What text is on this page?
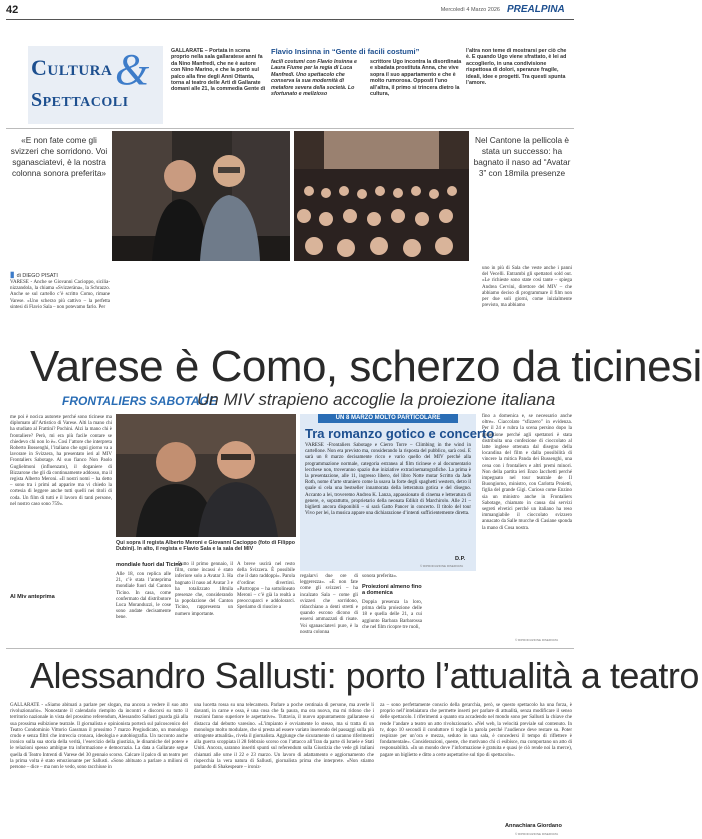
42	Mercoledì 4 Marzo 2026 PREALPINA
Cultura &
Spettacoli
GALLARATE – Portata in scena proprio nella sala gallaratese anni fa da Nino Manfredi, che ne è autore con Nino Marino, e che la portò sul palco alla fine degli Anni Ottanta, torna al teatro delle Arti di Gallarate domani alle 21, la commedia Gente di
Flavio Insinna in “Gente di facili costumi”
facili costumi con Flavio Insinna e Laura Fiume per la regia di Luca Manfredi. Uno spettacolo che conserva la sua modernità di metafore severa della società. Lo sfortunato e melizioso
scrittore Ugo incontra la disordinata e sbadata prostituta Anna, che vive sopra il suo appartamento e che è molto rumorosa. Opposti l’uno all’altra, il primo si trincera dietro la cultura,
l’altra non teme di mostrarsi per ciò che è. E quando Ugo viene sfrattato, è lei ad accoglierlo, in una condivisione rispettosa di dolori, speranze fragile, ideali, idee e progetti. Tra questi spunta l’amore.
«E non fate come gli svizzeri che sorridono. Voi sganasciatevi, è la nostra colonna sonora preferita»
Nel Cantone la pellicola è stata un successo: ha bagnato il naso ad “Avatar 3” con 18mila presenze
▮ di DIEGO PISATI
VARESE - Anche se Giovanni Cacioppo, sicilia-nizzandola, la chiama «Svizzeràna», la Schrazzo. Anche se sul cartello c’è scritto Como, rimane Varese. «Uno scherzo più cattivo – la perfetta sintesi di Flavio Sala – non potevamo farlo. Per
uno in più di Sala che veste anche i panni del Vecelli. Entrambi gli spettatori sold out. «Le richieste sono state così tante – spiega Andrea Cervini, direttore del MIV – che abbiamo deciso di programmare il film non per due soli giorni, come inizialmente previsto, ma abbiamo
Varese è Como, scherzo da ticinesi
FRONTALIERS SABOTAGE
Un MIV strapieno accoglie la proiezione italiana
me poi è nocica autorete perché sono ticinese ma diplomato all’Artistico di Varese. Alti la mano chi ha studiato al Frattini? Pochini. Alzi la mano chi è frontaliere? Però, mi era più facile contare se chiedevo chi non lo è». Così l’attore che interpreta Roberto Bossenghi, l’italiano che ogni giorno va a lavorare in Svizzera, ha presentato ieri al MIV Frontaliers Sabotage. Al suo fianco Non Paolo Guglielmoni (influenzato), il doganiere di Bizzarone che gli dà continuamente addosso, ma il regista Alberto Meroni. «Il nostri nomi – ha detto – sono tra i primi ad apparire ma vi chiedo la cortesia di leggere anche tutti quelli nei titoli di coda. Un film di tutti e il lavoro di tanti persone, nel nostro caso sono 759».
AI Miv anteprima
Qui sopra il regista Alberto Meroni e Giovanni Cacioppo (foto di Filippo Dubini). In alto, il regista e Flavio Sala e la sala del MIV
UN 8 MARZO MOLTO PARTICOLARE
Tra romanzo gotico e concerto
VARESE -Frontaliers Sabotage e Cierro Torre – Climbing in the wind in cartellone. Non era previsto ma, considerando la risposta del pubblico, sarà così. E sarà un 8 marzo decisamente ricco e vario quello del MIV perché alla programmazione normale, categoria estranea al film ticinese e al documentario lecchese non, troveranno spazio due iniziative extracinematografiche. La prima è la presentazione, alle 11, ingresso libero, del libro Notte mutar Scritto da Jade Roth, nome d’arte straniero come la usava la forte degli spaghetti western, detro il quale si cela una bestseller innamorata della letteratura gotica e del disegno. Accanto a lei, troveremo Andrea K. Lanza, appassionato di cinema e letteratura di genere, e, soprattutto, proprietario della neonata Edikit di Marchirolo. Alle 21 – biglietti ancora disponibili – si sarà Gatto Pancer in concerto. Il titolo del tour Vivo per lei, la musica appare una dichiarazione d’intenti sufficientemente diretta.
D.P.
© RIPRODUZIONE RISERVATA
mondiale fuori dal Ticino
Alle 18, con replica alle 21, c’è stata l’anteprima mondiale fuori dal Canton Ticino. In casa, come confermato dal distributore Luca Moranduzzi, le cose sono andate decisamente bene.
«Dutto il primo gennaio, il film, come incassi è stato inferiore solo a Avatar 3. Ha bagnato il naso ad Avatar 3 e ha totalizzato 18mila presenze che, considerando la popolazione del Canton Ticino, rappresenta un numero importante.
A breve uscirà nel resto della Svizzera. È possibile che il dato raddoppi». Parola d’ordine: divertirsi. «Partroppo – ha sottolineato Meroni – c’è già la realtà a preoccuparci e addolorarci. Speriamo di riuscire a
regalarvi due ore di leggerezza». «E non fate come gli svizzeri – ha incalzato Sala – come gli svizzeri che sorridono, ridacchiano a denti stretti e quando escono dicono di essersi ammazzati di risate. Voi sganasciatevi pure, è la nostra colonna
sonora preferita».
Proiezioni almeno fino a domenica
Doppia presenza la loro, prima della proiezione delle 18 e quella delle 21, a cui aggiunto Barbara Barbarossa che nel film ricopre tre ruoli,
fino a domenica e, se necessario anche oltre». Ciaccolato “sfizzero” in evidenza. Per il 24 e rubra la scena persino dopo la proiezione perché agli spettatori è stata distribuita una confezione di cioccolato al latte inglese ottenuta dal disegno della locandina del film e dalla possibilità di vincere la mitica Panda dei Bussenghi, una cena con i frontaliers e altri premi minori. Non della partita ieri Enzo Iacchetti perché impegnato nel tour teatrale de Il Buongiorno, ministro, con Carlotta Proietti, figlia del grande Gigi. Curioso come Enzino sia un ministro anche in Frontaliers Sabotage, chiamato in causa dai servizi segreti elvetici perché un italiano ha reso immangiabile il cioccolato svizzero annacato da Salle mucche di Casiane sponda la mano di Cosa nostra.
© RIPRODUZIONE RISERVATA
Alessandro Sallusti: porto l’attualità a teatro
GALLARATE - «Siamo abituati a parlare per slogan, ma ancora a vedere il suo atto rivoluzionario». Nonostante il calendario riempito da incontri e discorsi su tutto il territorio nazionale in vista del prossimo referendum, Alessandro Sallusti guarda già alla sua prossima esibizione teatrale. Il giornalista e opinionista porterà sul palcoscenico del Teatro Condominio Vittorio Gassman il prossimo 7 marzo Pregiudicato, un monologo crudo e senza filtri che intreccia cronaca, ideologia e autobiografia. Un racconto anche ironico sulla sua storia della verità, l’esercizio della giustizia, le dinamiche del potere e le relazioni spesso ambigue tra informazione e democrazia. La data a Gallarate segue quella di Teatro Intrenti di Varese del 30 gennaio scorso. Calcare il palco di un teatro per la prima volta è stato emozionante per Sallusti. «Sono abituato a parlare a milioni di persone – dice – ma non le vedo, sono racchiuse in
una lucetta rossa su una telecamera. Parlare a poche centinaia di persone, ma averle li davanti, in carne e ossa, è una cosa che fa paura, ma ora nuova, ma mi ridono che i reazioni fanno superiore le aspettative». Tuttavia, il nuovo appuntamento gallaratese si distacca dal debutto varesino. «L’impianto è ovviamente lo stesso, ma si tratta di un monologo molto modulare, che si presta ad essere variato inserendo del passaggi sulla più stringente attualità», rivela il giornalista. Aggiunge che sicuramente ci saranno riferimenti alla guerra scoppiata il 28 febbraio scorso con l’attacco all’Iran da parte di Israele e Stati Uniti. Ancora, saranno inseriti spunti sul referendum sulla Giustizia che vede gli italiani chiamati alle urne il 22 e 23 marzo. Un lavoro di adattamento e aggiornamento che rispecchia la vera natura di Sallusti, giornalista prima che interprete. «Non stiamo parlando di Shakespeare – ironiz-
za – sono perfettamente conscio della gerarchia, però, se questo spettacolo ha una forza, è proprio nell’intelaiatura che permette inserti per parlare di attualità, senza modificare il senso delle spettacolo. I riferimenti a quanto sta accadendo nel mondo sono per Sallusti la chiave che rende l’andare a teatro un atto rivoluzionario. «Nel web, la velocità previale sul contenuto. In tv, dopo 10 secondi il conduttore ti toglie la parola perché l’audience deve restare su. Poter respirare per un’ora e mezza, seduto in una sala, è concedersi il tempo di riflettere è fondamentale». Considerazioni, queste, che motivano chi ci esibisce, ma comportano un atto di responsabilità. «In un mondo dove l’informazione è gratuita e quasi (e ciò rende noi la merce), pagare un biglietto e ditto a certe aspettative sul tipo di spettacolo».
Annachiara Giordano
© RIPRODUZIONE RISERVATA
